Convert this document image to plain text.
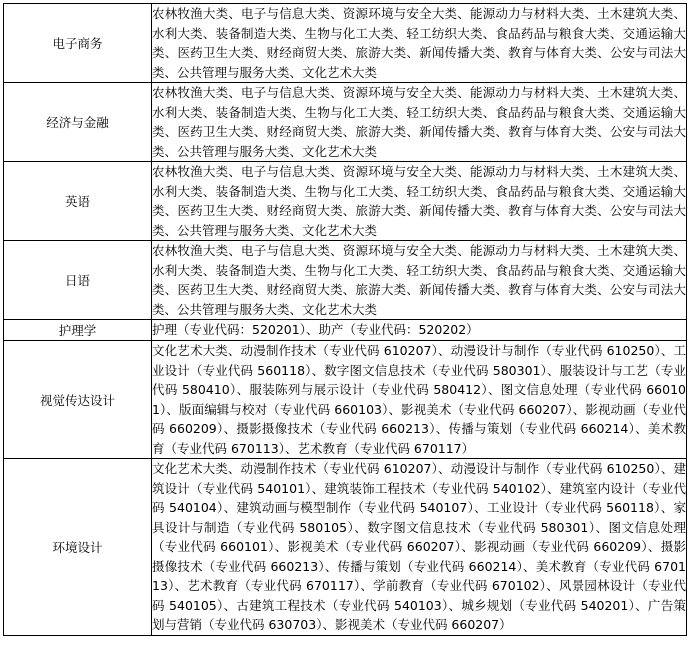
电子商务	农林牧渔大类、电子与信息大类、资源环境与安全大类、能源动力与材料大类、土木建筑大类、水利大类、装备制造大类、生物与化工大类、轻工纺织大类、食品药品与粮食大类、交通运输大类、医药卫生大类、财经商贸大类、旅游大类、新闻传播大类、教育与体育大类、公安与司法大类、公共管理与服务大类、文化艺术大类
经济与金融	农林牧渔大类、电子与信息大类、资源环境与安全大类、能源动力与材料大类、土木建筑大类、水利大类、装备制造大类、生物与化工大类、轻工纺织大类、食品药品与粮食大类、交通运输大类、医药卫生大类、财经商贸大类、旅游大类、新闻传播大类、教育与体育大类、公安与司法大类、公共管理与服务大类、文化艺术大类
英语	农林牧渔大类、电子与信息大类、资源环境与安全大类、能源动力与材料大类、土木建筑大类、水利大类、装备制造大类、生物与化工大类、轻工纺织大类、食品药品与粮食大类、交通运输大类、医药卫生大类、财经商贸大类、旅游大类、新闻传播大类、教育与体育大类、公安与司法大类、公共管理与服务大类、文化艺术大类
日语	农林牧渔大类、电子与信息大类、资源环境与安全大类、能源动力与材料大类、土木建筑大类、水利大类、装备制造大类、生物与化工大类、轻工纺织大类、食品药品与粮食大类、交通运输大类、医药卫生大类、财经商贸大类、旅游大类、新闻传播大类、教育与体育大类、公安与司法大类、公共管理与服务大类、文化艺术大类
护理学	护理（专业代码：520201）、助产（专业代码：520202）
视觉传达设计	文化艺术大类、动漫制作技术（专业代码 610207）、动漫设计与制作（专业代码 610250）、工业设计（专业代码 560118）、数字图文信息技术（专业代码 580301）、服装设计与工艺（专业代码 580410）、服装陈列与展示设计（专业代码 580412）、图文信息处理（专业代码 660101）、版面编辑与校对（专业代码 660103）、影视美术（专业代码 660207）、影视动画（专业代码 660209）、摄影摄像技术（专业代码 660213）、传播与策划（专业代码 660214）、美术教育（专业代码 670113）、艺术教育（专业代码 670117）
环境设计	文化艺术大类、动漫制作技术（专业代码 610207）、动漫设计与制作（专业代码 610250）、建筑设计（专业代码 540101）、建筑装饰工程技术（专业代码 540102）、建筑室内设计（专业代码 540104）、建筑动画与模型制作（专业代码 540107）、工业设计（专业代码 560118）、家具设计与制造（专业代码 580105）、数字图文信息技术（专业代码 580301）、图文信息处理（专业代码 660101）、影视美术（专业代码 660207）、影视动画（专业代码 660209）、摄影摄像技术（专业代码 660213）、传播与策划（专业代码 660214）、美术教育（专业代码 670113）、艺术教育（专业代码 670117）、学前教育（专业代码 670102）、风景园林设计（专业代码 540105）、古建筑工程技术（专业代码 540103）、城乡规划（专业代码 540201）、广告策划与营销（专业代码 630703）、影视美术（专业代码 660207）
